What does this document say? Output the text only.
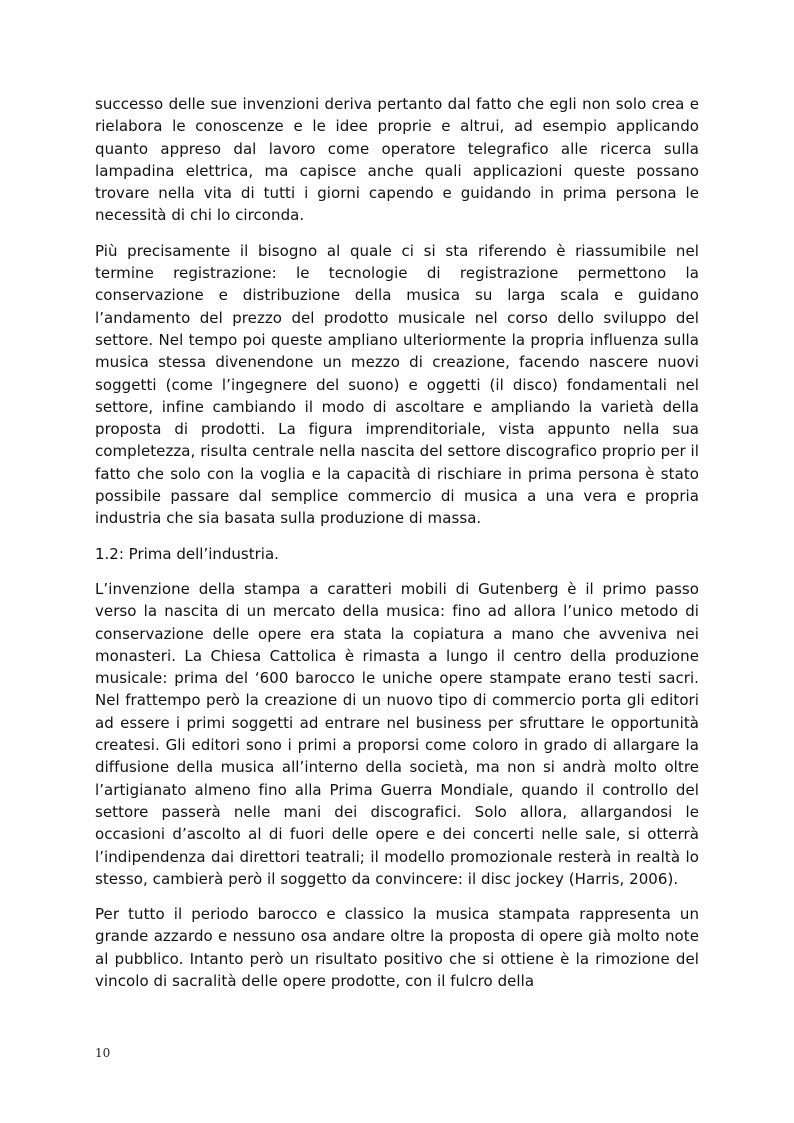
successo delle sue invenzioni deriva pertanto dal fatto che egli non solo crea e rielabora le conoscenze e le idee proprie e altrui, ad esempio applicando quanto appreso dal lavoro come operatore telegrafico alle ricerca sulla lampadina elettrica, ma capisce anche quali applicazioni queste possano trovare nella vita di tutti i giorni capendo e guidando in prima persona le necessità di chi lo circonda.

Più precisamente il bisogno al quale ci si sta riferendo è riassumibile nel termine registrazione: le tecnologie di registrazione permettono la conservazione e distribuzione della musica su larga scala e guidano l’andamento del prezzo del prodotto musicale nel corso dello sviluppo del settore. Nel tempo poi queste ampliano ulteriormente la propria influenza sulla musica stessa divenendone un mezzo di creazione, facendo nascere nuovi soggetti (come l’ingegnere del suono) e oggetti (il disco) fondamentali nel settore, infine cambiando il modo di ascoltare e ampliando la varietà della proposta di prodotti. La figura imprenditoriale, vista appunto nella sua completezza, risulta centrale nella nascita del settore discografico proprio per il fatto che solo con la voglia e la capacità di rischiare in prima persona è stato possibile passare dal semplice commercio di musica a una vera e propria industria che sia basata sulla produzione di massa.

1.2: Prima dell’industria.

L’invenzione della stampa a caratteri mobili di Gutenberg è il primo passo verso la nascita di un mercato della musica: fino ad allora l’unico metodo di conservazione delle opere era stata la copiatura a mano che avveniva nei monasteri. La Chiesa Cattolica è rimasta a lungo il centro della produzione musicale: prima del ‘600 barocco le uniche opere stampate erano testi sacri. Nel frattempo però la creazione di un nuovo tipo di commercio porta gli editori ad essere i primi soggetti ad entrare nel business per sfruttare le opportunità createsi. Gli editori sono i primi a proporsi come coloro in grado di allargare la diffusione della musica all’interno della società, ma non si andrà molto oltre l’artigianato almeno fino alla Prima Guerra Mondiale, quando il controllo del settore passerà nelle mani dei discografici. Solo allora, allargandosi le occasioni d’ascolto al di fuori delle opere e dei concerti nelle sale, si otterrà l’indipendenza dai direttori teatrali; il modello promozionale resterà in realtà lo stesso, cambierà però il soggetto da convincere: il disc jockey (Harris, 2006).

Per tutto il periodo barocco e classico la musica stampata rappresenta un grande azzardo e nessuno osa andare oltre la proposta di opere già molto note al pubblico. Intanto però un risultato positivo che si ottiene è la rimozione del vincolo di sacralità delle opere prodotte, con il fulcro della

10
